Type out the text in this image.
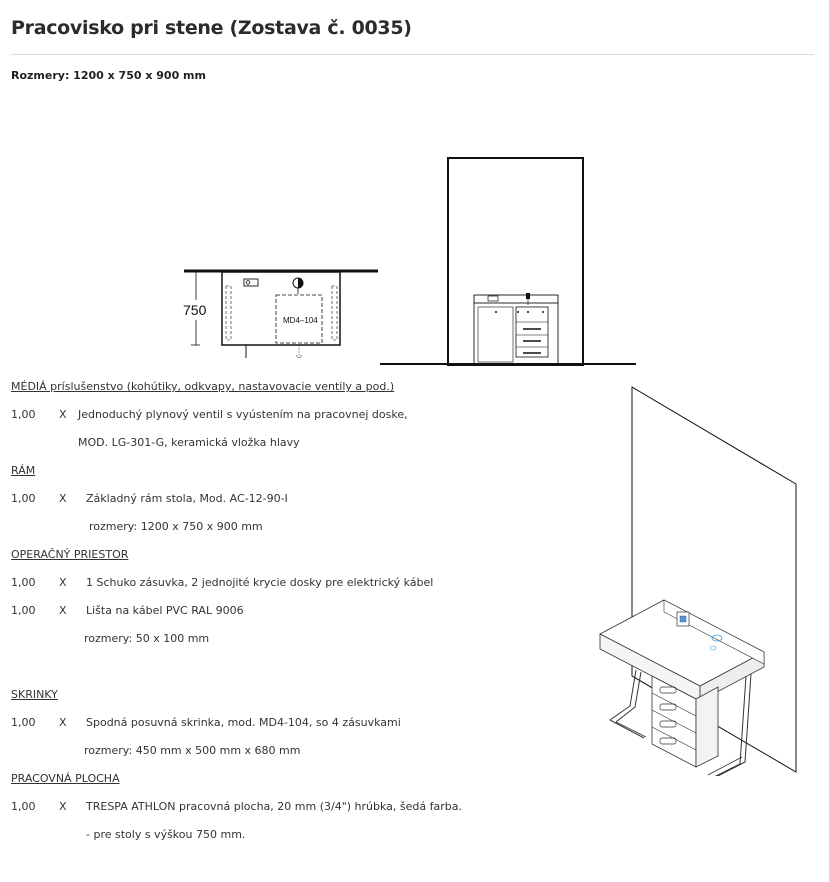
Pracovisko pri stene (Zostava č. 0035)
Rozmery: 1200 x 750 x 900 mm
750
MD4–104
MÉDIÁ príslušenstvo (kohútiky, odkvapy, nastavovacie ventily a pod.)
1,00 X Jednoduchý plynový ventil s vyústením na pracovnej doske,
MOD. LG-301-G, keramická vložka hlavy
RÁM
1,00 X Základný rám stola, Mod. AC-12-90-I
rozmery: 1200 x 750 x 900 mm
OPERAČNÝ PRIESTOR
1,00 X 1 Schuko zásuvka, 2 jednojité krycie dosky pre elektrický kábel
1,00 X Lišta na kábel PVC RAL 9006
rozmery: 50 x 100 mm
SKRINKY
1,00 X Spodná posuvná skrinka, mod. MD4-104, so 4 zásuvkami
rozmery: 450 mm x 500 mm x 680 mm
PRACOVNÁ PLOCHA
1,00 X TRESPA ATHLON pracovná plocha, 20 mm (3/4") hrúbka, šedá farba.
- pre stoly s výškou 750 mm.
